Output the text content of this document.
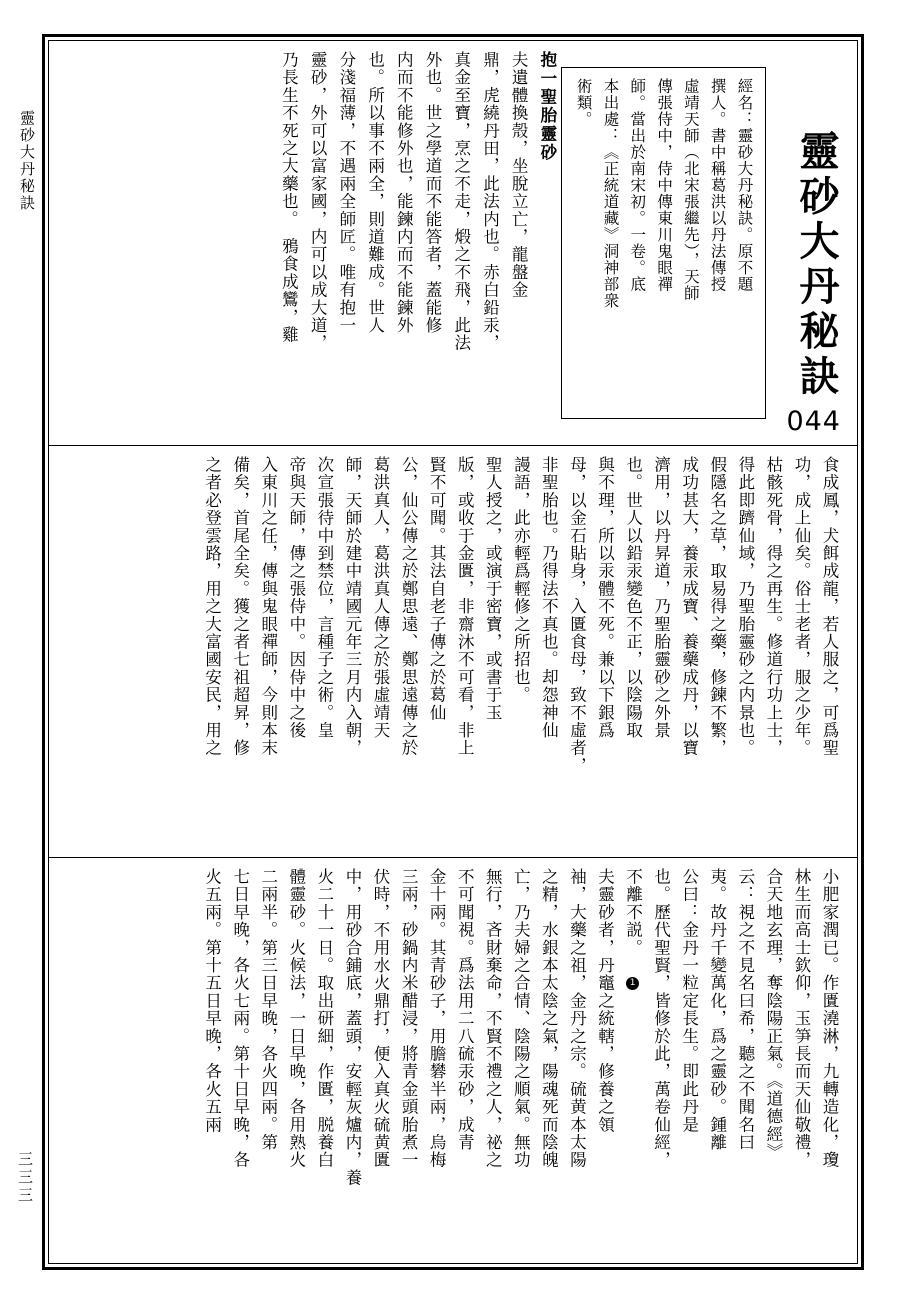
靈砂大丹秘訣
三三三
044
靈砂大丹秘訣
經名：靈砂大丹秘訣。原不題
撰人。書中稱葛洪以丹法傳授
虛靖天師（北宋張繼先），天師
傳張侍中，侍中傳東川鬼眼禪
師。當出於南宋初。一卷。底
本出處：《正統道藏》洞神部衆
術類。
抱一聖胎靈砂
夫遺體換殼，坐脫立亡，龍盤金
鼎，虎繞丹田，此法内也。赤白鉛汞，
真金至寶，烹之不走，煅之不飛，此法
外也。世之學道而不能答者，蓋能修
内而不能修外也，能鍊内而不能鍊外
也。所以事不兩全，則道難成。世人
分淺福薄，不遇兩全師匠。唯有抱一
靈砂，外可以富家國，内可以成大道，
乃長生不死之大藥也。　鴉食成鸞，雞
食成鳳，犬餌成龍，若人服之，可爲聖
功，成上仙矣。俗士老者，服之少年。
枯骸死骨，得之再生。修道行功上士，
得此即躋仙域，乃聖胎靈砂之内景也。
假隱名之草，取易得之藥，修鍊不繁，
成功甚大，養汞成寶、養藥成丹，以寶
濟用，以丹昇道，乃聖胎靈砂之外景
也。世人以鉛汞變色不正，以陰陽取
與不理，所以汞體不死。兼以下銀爲
母，以金石貼身，入匱食母，致不虛者，
非聖胎也。乃得法不真也。却怨神仙
謾語，此亦輕爲輕修之所招也。
聖人授之，或演于密寶，或書于玉
版，或收于金匱，非齋沐不可看，非上
賢不可聞。其法自老子傳之於葛仙
公，仙公傳之於鄭思遠、鄭思遠傳之於
葛洪真人，葛洪真人傳之於張虛靖天
師，天師於建中靖國元年三月内入朝，
次宣張待中到禁位，言種子之術。皇
帝與天師，傳之張侍中。因侍中之後
入東川之任，傳與鬼眼禪師，今則本末
備矣，首尾全矣。獲之者七祖超昇，修
之者必登雲路，用之大富國安民，用之
小肥家潤已。作匱澆淋，九轉造化，瓊
林生而高士欽仰，玉笋長而天仙敬禮，
合天地玄理，奪陰陽正氣。《道德經》
云：視之不見名曰希，聽之不聞名曰
夷。故丹千變萬化，爲之靈砂。鍾離
公曰：金丹一粒定長生。即此丹是
也。歷代聖賢，皆修於此，萬卷仙經，
不離不説。 1
夫靈砂者，丹竈之統轄，修養之領
袖，大藥之祖，金丹之宗。硫黄本太陽
之精，水銀本太陰之氣，陽魂死而陰魄
亡，乃夫婦之合情、陰陽之順氣。無功
無行，吝財棄命，不賢不禮之人，祕之
不可聞視。爲法用二八硫汞砂，成青
金十兩。其青砂子，用膽礬半兩，烏梅
三兩，砂鍋内米醋浸，將青金頭胎煮一
伏時，不用水火鼎打，便入真火硫黄匱
中，用砂合鋪底，蓋頭，安輕灰爐内，養
火二十一日。取出研細，作匱，脱養白
體靈砂。火候法，一日早晚，各用熟火
二兩半。第三日早晚，各火四兩。第
七日早晚，各火七兩。第十日早晚，各
火五兩。第十五日早晚，各火五兩
